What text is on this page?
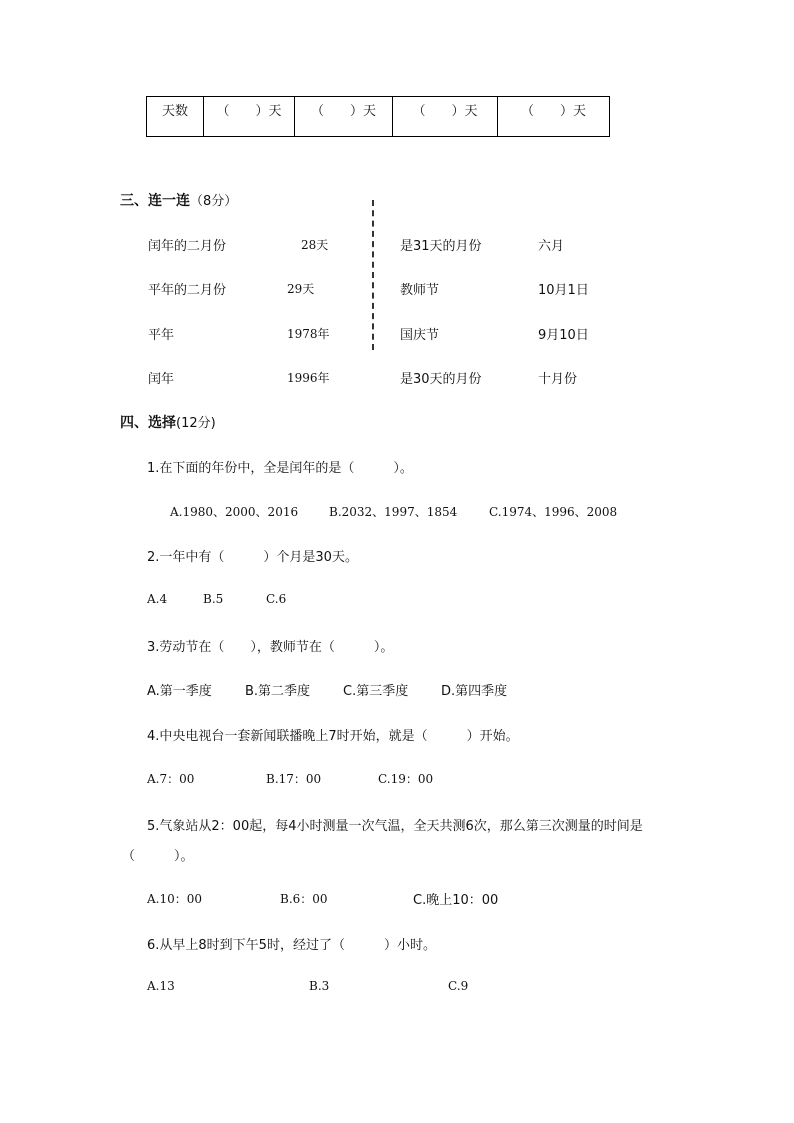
天数	（　　）天	（　　）天	（　　）天	（　　）天
三、连一连（8分）
闰年的二月份	28天
平年的二月份	29天
平年	1978年
闰年	1996年
是31天的月份	六月
教师节	10月1日
国庆节	9月10日
是30天的月份	十月份
四、选择(12分)
1.在下面的年份中，全是闰年的是（　　　）。
A.1980、2000、2016	B.2032、1997、1854	C.1974、1996、2008
2.一年中有（　　　）个月是30天。
A.4	B.5	C.6
3.劳动节在（　　），教师节在（　　　）。
A.第一季度	B.第二季度	C.第三季度	D.第四季度
4.中央电视台一套新闻联播晚上7时开始，就是（　　　）开始。
A.7：00	B.17：00	C.19：00
5.气象站从2：00起，每4小时测量一次气温，全天共测6次，那么第三次测量的时间是
（　　　）。
A.10：00	B.6：00	C.晚上10：00
6.从早上8时到下午5时，经过了（　　　）小时。
A.13	B.3	C.9
